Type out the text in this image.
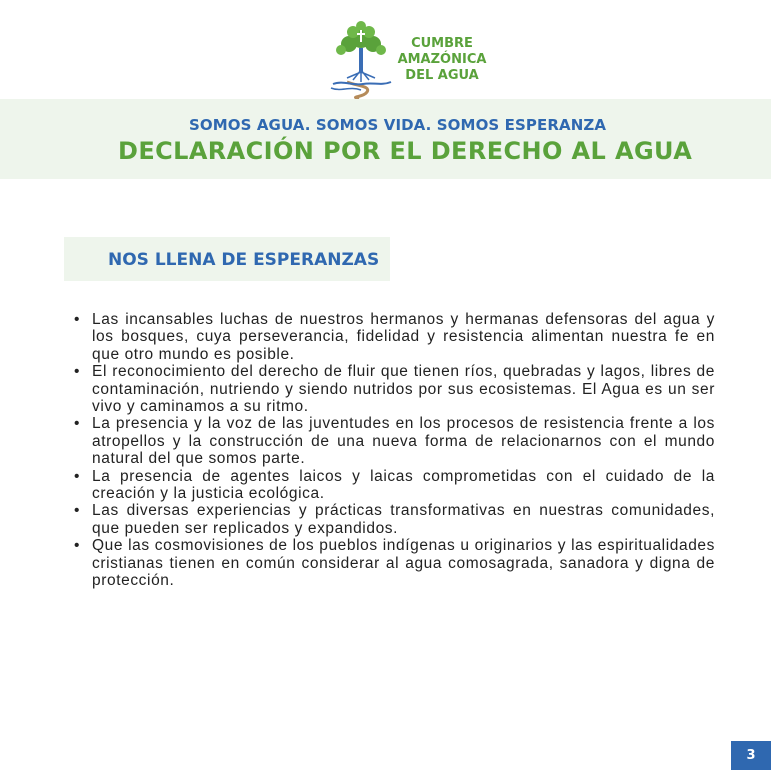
CUMBRE
AMAZÓNICA
DEL AGUA
SOMOS AGUA. SOMOS VIDA. SOMOS ESPERANZA
DECLARACIÓN POR EL DERECHO AL AGUA
NOS LLENA DE ESPERANZAS
• Las incansables luchas de nuestros hermanos y hermanas defensoras del agua y los bosques, cuya perseverancia, fidelidad y resistencia alimentan nuestra fe en que otro mundo es posible.
• El reconocimiento del derecho de fluir que tienen ríos, quebradas y lagos, libres de contaminación, nutriendo y siendo nutridos por sus ecosistemas. El Agua es un ser vivo y caminamos a su ritmo.
• La presencia y la voz de las juventudes en los procesos de resistencia frente a los atropellos y la construcción de una nueva forma de relacionarnos con el mundo natural del que somos parte.
• La presencia de agentes laicos y laicas comprometidas con el cuidado de la creación y la justicia ecológica.
• Las diversas experiencias y prácticas transformativas en nuestras comunidades, que pueden ser replicados y expandidos.
• Que las cosmovisiones de los pueblos indígenas u originarios y las espiritualidades cristianas tienen en común considerar al agua comosagrada, sanadora y digna de protección.
3
